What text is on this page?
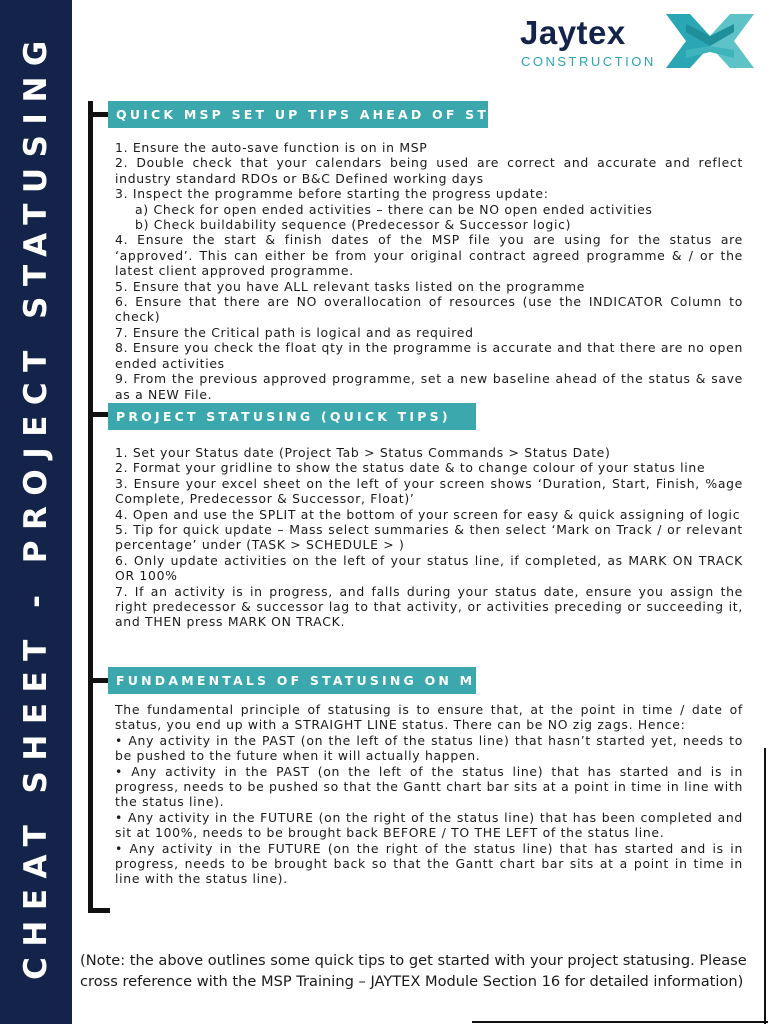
CHEAT SHEET - PROJECT STATUSING	Jaytex
CONSTRUCTION
QUICK MSP SET UP TIPS AHEAD OF STATUSING

1. Ensure the auto-save function is on in MSP

2. Double check that your calendars being used are correct and accurate and reflect industry standard RDOs or B&C Defined working days

3. Inspect the programme before starting the progress update:

a) Check for open ended activities – there can be NO open ended activities

b) Check buildability sequence (Predecessor & Successor logic)

4. Ensure the start & finish dates of the MSP file you are using for the status are ‘approved’. This can either be from your original contract agreed programme & / or the latest client approved programme.

5. Ensure that you have ALL relevant tasks listed on the programme

6. Ensure that there are NO overallocation of resources (use the INDICATOR Column to check)

7. Ensure the Critical path is logical and as required

8. Ensure you check the float qty in the programme is accurate and that there are no open ended activities

9. From the previous approved programme, set a new baseline ahead of the status & save as a NEW File.

PROJECT STATUSING (QUICK TIPS)

1. Set your Status date (Project Tab > Status Commands > Status Date)

2. Format your gridline to show the status date & to change colour of your status line

3. Ensure your excel sheet on the left of your screen shows ‘Duration, Start, Finish, %age Complete, Predecessor & Successor, Float)’

4. Open and use the SPLIT at the bottom of your screen for easy & quick assigning of logic

5. Tip for quick update – Mass select summaries & then select ‘Mark on Track / or relevant percentage’ under (TASK > SCHEDULE > )

6. Only update activities on the left of your status line, if completed, as MARK ON TRACK OR 100%

7. If an activity is in progress, and falls during your status date, ensure you assign the right predecessor & successor lag to that activity, or activities preceding or succeeding it, and THEN press MARK ON TRACK.

FUNDAMENTALS OF STATUSING ON MSP

The fundamental principle of statusing is to ensure that, at the point in time / date of status, you end up with a STRAIGHT LINE status. There can be NO zig zags. Hence:

• Any activity in the PAST (on the left of the status line) that hasn’t started yet, needs to be pushed to the future when it will actually happen.

• Any activity in the PAST (on the left of the status line) that has started and is in progress, needs to be pushed so that the Gantt chart bar sits at a point in time in line with the status line).

• Any activity in the FUTURE (on the right of the status line) that has been completed and sit at 100%, needs to be brought back BEFORE / TO THE LEFT of the status line.

• Any activity in the FUTURE (on the right of the status line) that has started and is in progress, needs to be brought back so that the Gantt chart bar sits at a point in time in line with the status line).

(Note: the above outlines some quick tips to get started with your project statusing. Please cross reference with the MSP Training – JAYTEX Module Section 16 for detailed information)
